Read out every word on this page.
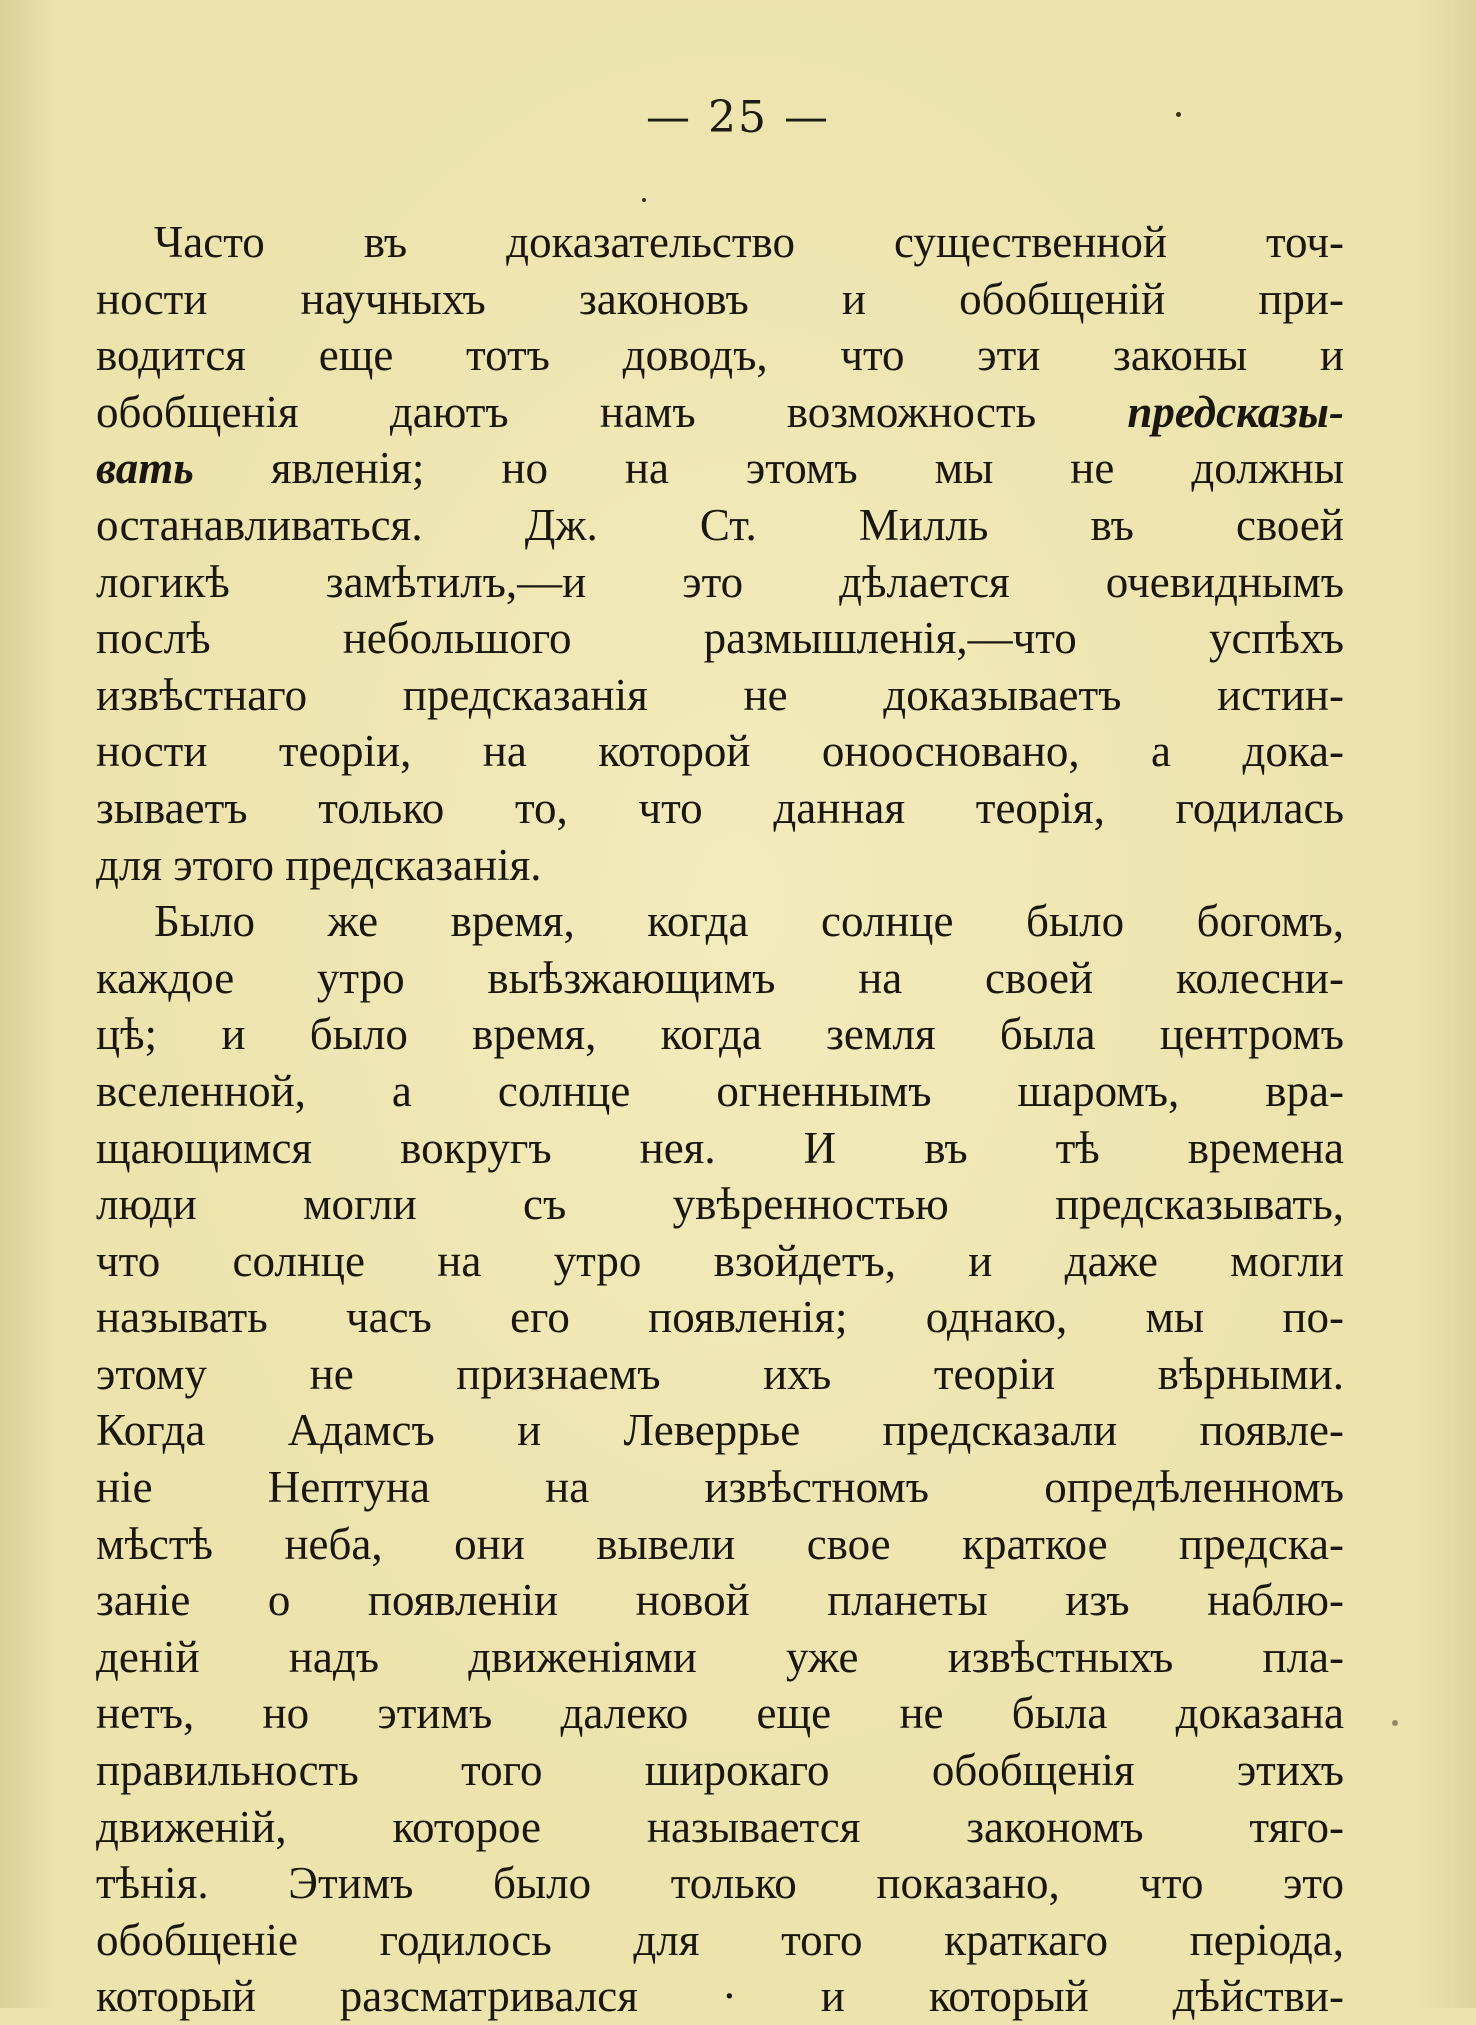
— 25 —
Часто въ доказательство существенной точ-
ности научныхъ законовъ и обобщеній при-
водится еще тотъ доводъ, что эти законы и
обобщенія даютъ намъ возможность предсказы-
вать явленія; но на этомъ мы не должны
останавливаться. Дж. Ст. Милль въ своей
логикѣ замѣтилъ,—и это дѣлается очевиднымъ
послѣ небольшого размышленія,—что успѣхъ
извѣстнаго предсказанія не доказываетъ истин-
ности теоріи, на которой оноосновано, а дока-
зываетъ только то, что данная теорія, годилась
для этого предсказанія.
Было же время, когда солнце было богомъ,
каждое утро выѣзжающимъ на своей колесни-
цѣ; и было время, когда земля была центромъ
вселенной, а солнце огненнымъ шаромъ, вра-
щающимся вокругъ нея. И въ тѣ времена
люди могли съ увѣренностью предсказывать,
что солнце на утро взойдетъ, и даже могли
называть часъ его появленія; однако, мы по-
этому не признаемъ ихъ теоріи вѣрными.
Когда Адамсъ и Леверрье предсказали появле-
ніе Нептуна на извѣстномъ опредѣленномъ
мѣстѣ неба, они вывели свое краткое предска-
заніе о появленіи новой планеты изъ наблю-
деній надъ движеніями уже извѣстныхъ пла-
нетъ, но этимъ далеко еще не была доказана
правильность того широкаго обобщенія этихъ
движеній, которое называется закономъ тяго-
тѣнія. Этимъ было только показано, что это
обобщеніе годилось для того краткаго періода,
который разсматривался · и который дѣйстви-
